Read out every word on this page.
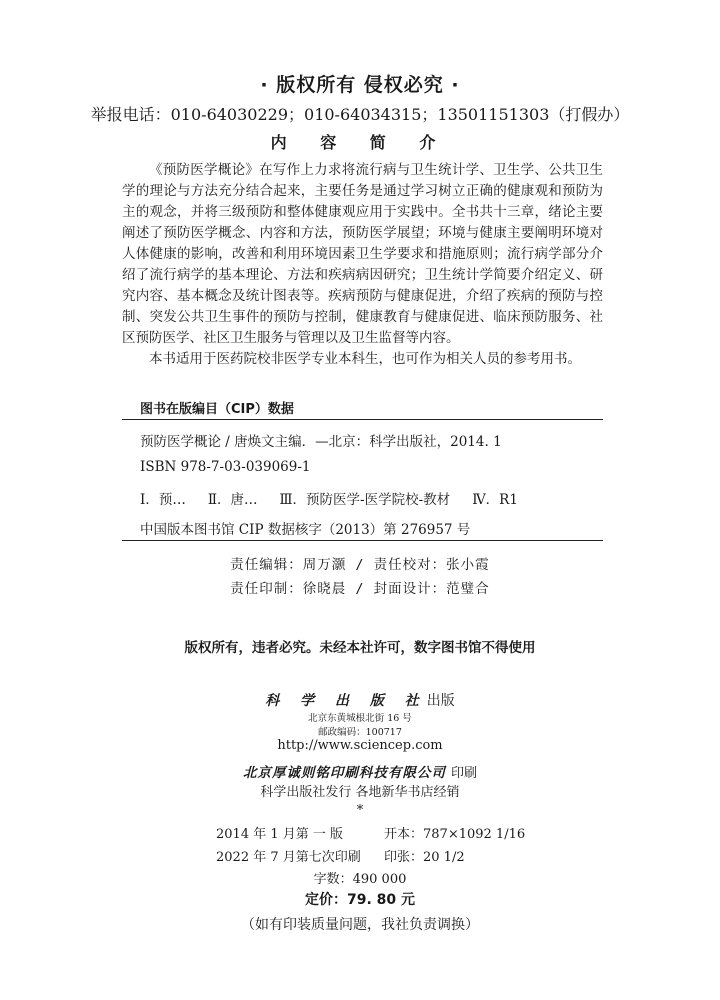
· 版权所有 侵权必究 ·
举报电话：010-64030229；010-64034315；13501151303（打假办）
内 容 简 介

《预防医学概论》在写作上力求将流行病与卫生统计学、卫生学、公共卫生学的理论与方法充分结合起来，主要任务是通过学习树立正确的健康观和预防为主的观念，并将三级预防和整体健康观应用于实践中。全书共十三章，绪论主要阐述了预防医学概念、内容和方法，预防医学展望；环境与健康主要阐明环境对人体健康的影响，改善和利用环境因素卫生学要求和措施原则；流行病学部分介绍了流行病学的基本理论、方法和疾病病因研究；卫生统计学简要介绍定义、研究内容、基本概念及统计图表等。疾病预防与健康促进，介绍了疾病的预防与控制、突发公共卫生事件的预防与控制，健康教育与健康促进、临床预防服务、社区预防医学、社区卫生服务与管理以及卫生监督等内容。

本书适用于医药院校非医学专业本科生，也可作为相关人员的参考用书。

图书在版编目（CIP）数据
预防医学概论 / 唐焕文主编．—北京：科学出版社，2014. 1
ISBN 978-7-03-039069-1
Ⅰ．预… Ⅱ．唐… Ⅲ．预防医学-医学院校-教材 Ⅳ．R1
中国版本图书馆 CIP 数据核字（2013）第 276957 号
责任编辑：周万灏 / 责任校对：张小霞
责任印制：徐晓晨 / 封面设计：范璧合
版权所有，违者必究。未经本社许可，数字图书馆不得使用
科 学 出 版 社出版
北京东黄城根北街 16 号
邮政编码：100717
http://www.sciencep.com
北京厚诚则铭印刷科技有限公司 印刷
科学出版社发行 各地新华书店经销
*
2014 年 1 月第 一 版	开本：787×1092 1/16
2022 年 7 月第七次印刷 印张：20 1/2
字数：490 000
定价：79. 80 元
（如有印装质量问题，我社负责调换）
